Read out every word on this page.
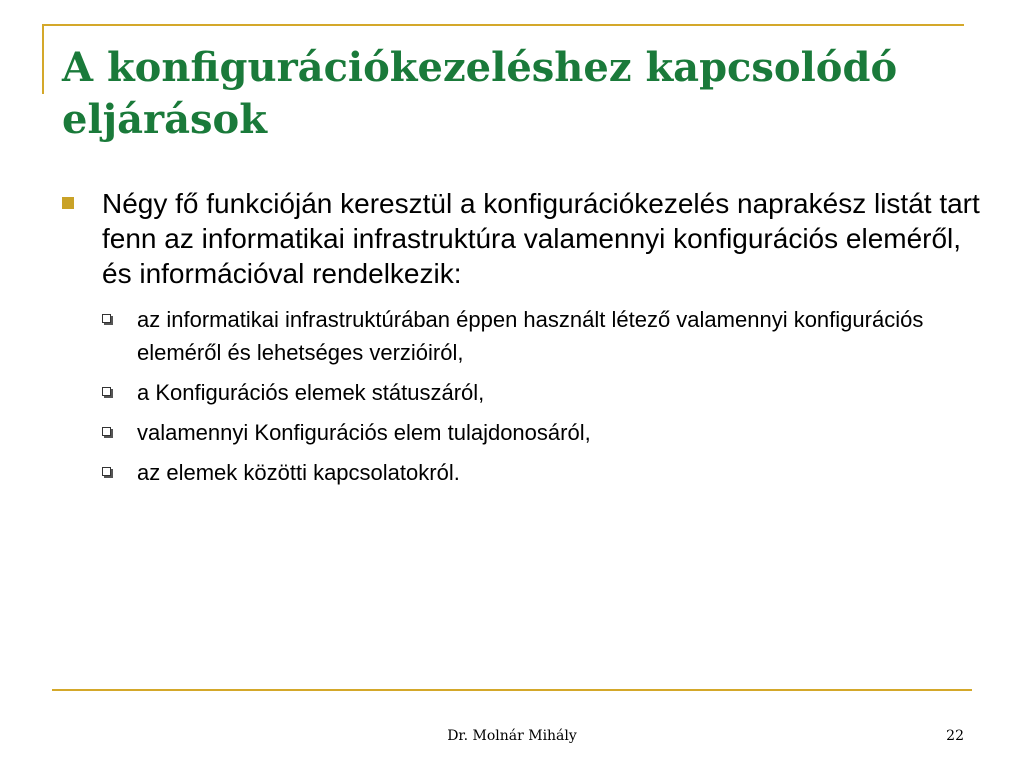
A konfigurációkezeléshez kapcsolódó eljárások
Négy fő funkcióján keresztül a konfigurációkezelés naprakész listát tart fenn az informatikai infrastruktúra valamennyi konfigurációs eleméről, és információval rendelkezik:
az informatikai infrastruktúrában éppen használt létező valamennyi konfigurációs eleméről és lehetséges verzióiról,
a Konfigurációs elemek státuszáról,
valamennyi Konfigurációs elem tulajdonosáról,
az elemek közötti kapcsolatokról.
Dr. Molnár Mihály	22
